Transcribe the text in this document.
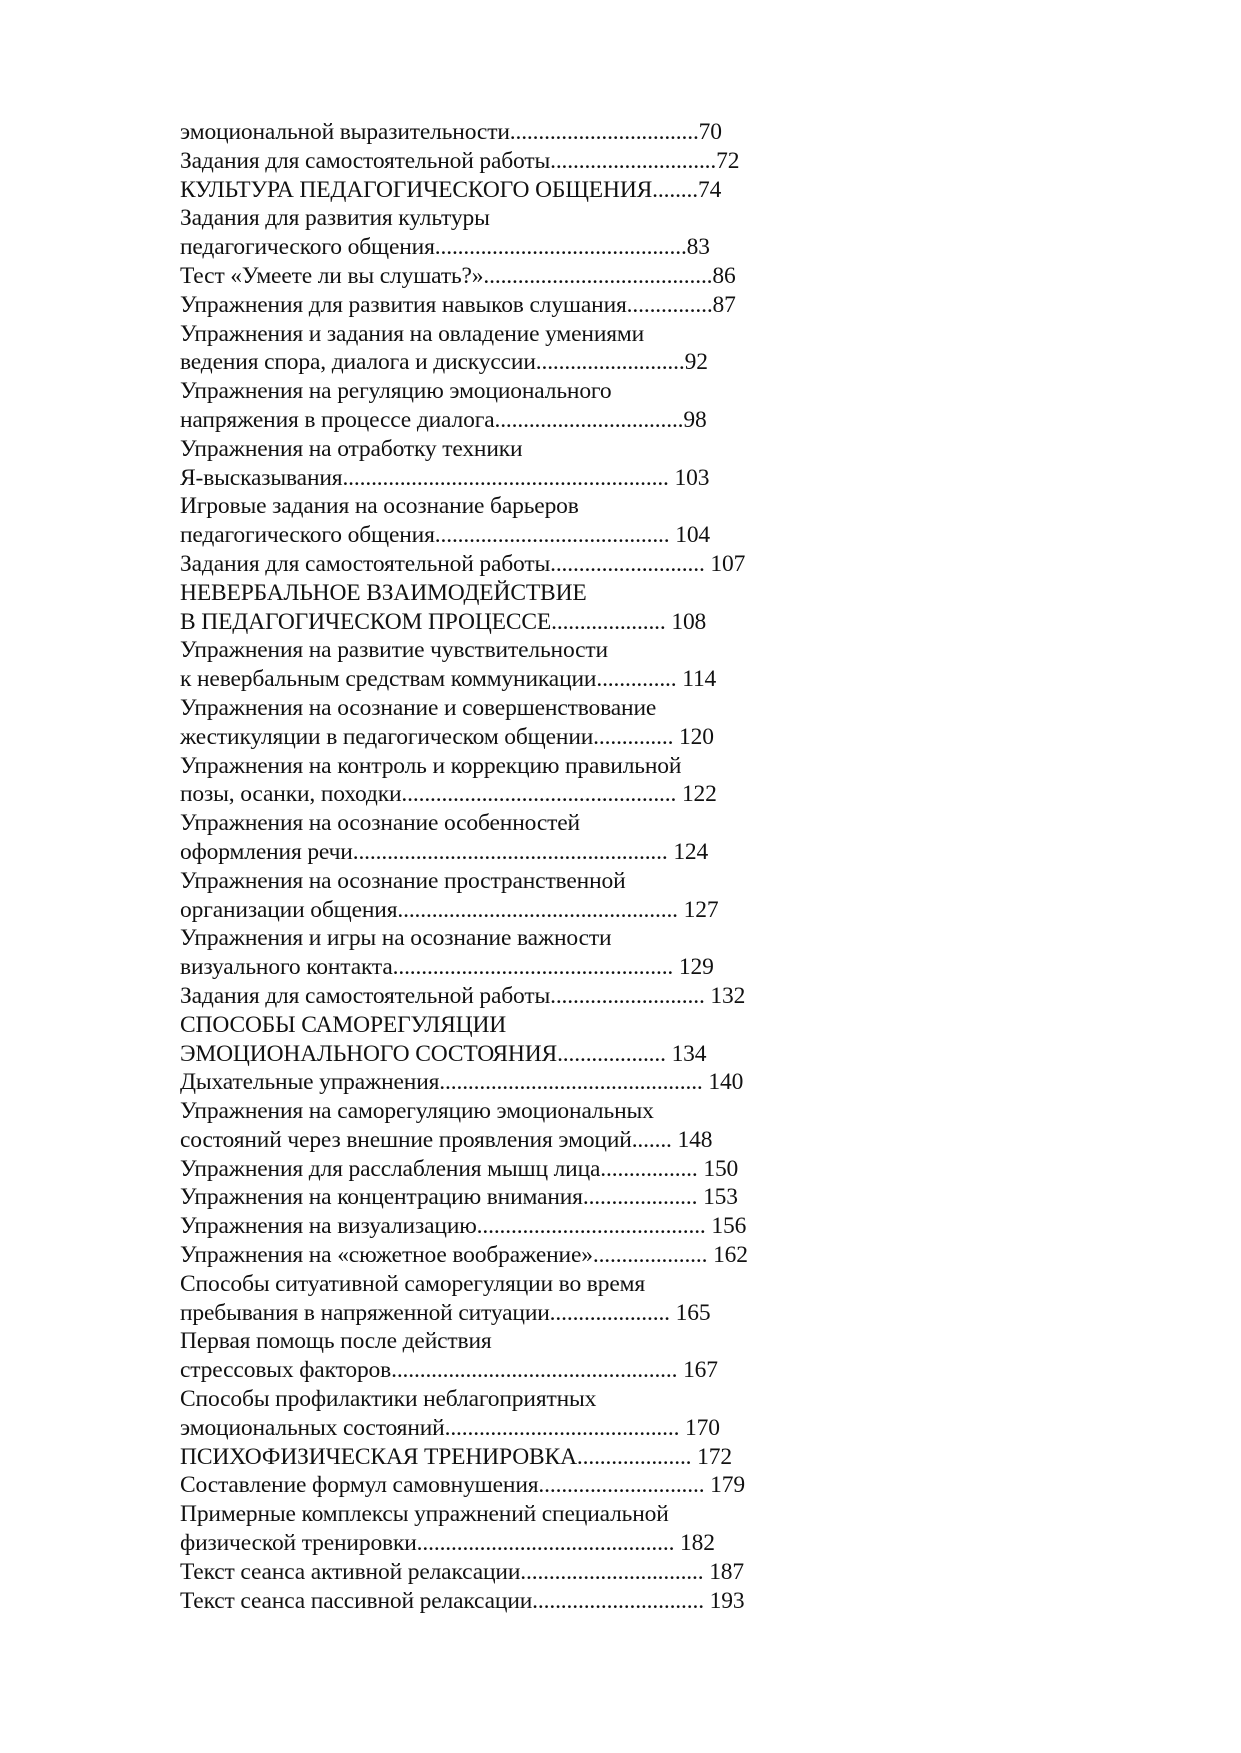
эмоциональной выразительности.................................70
Задания для самостоятельной работы.............................72
КУЛЬТУРА ПЕДАГОГИЧЕСКОГО ОБЩЕНИЯ........74
Задания для развития культуры
педагогического общения............................................83
Тест «Умеете ли вы слушать?»........................................86
Упражнения для развития навыков слушания...............87
Упражнения и задания на овладение умениями
ведения спора, диалога и дискуссии..........................92
Упражнения на регуляцию эмоционального
напряжения в процессе диалога.................................98
Упражнения на отработку техники
Я-высказывания......................................................... 103
Игровые задания на осознание барьеров
педагогического общения......................................... 104
Задания для самостоятельной работы........................... 107
НЕВЕРБАЛЬНОЕ ВЗАИМОДЕЙСТВИЕ
В ПЕДАГОГИЧЕСКОМ ПРОЦЕССЕ.................... 108
Упражнения на развитие чувствительности
к невербальным средствам коммуникации.............. 114
Упражнения на осознание и совершенствование
жестикуляции в педагогическом общении.............. 120
Упражнения на контроль и коррекцию правильной
позы, осанки, походки................................................ 122
Упражнения на осознание особенностей
оформления речи....................................................... 124
Упражнения на осознание пространственной
организации общения................................................. 127
Упражнения и игры на осознание важности
визуального контакта................................................. 129
Задания для самостоятельной работы........................... 132
СПОСОБЫ САМОРЕГУЛЯЦИИ
ЭМОЦИОНАЛЬНОГО СОСТОЯНИЯ................... 134
Дыхательные упражнения.............................................. 140
Упражнения на саморегуляцию эмоциональных
состояний через внешние проявления эмоций....... 148
Упражнения для расслабления мышц лица................. 150
Упражнения на концентрацию внимания.................... 153
Упражнения на визуализацию........................................ 156
Упражнения на «сюжетное воображение».................... 162
Способы ситуативной саморегуляции во время
пребывания в напряженной ситуации..................... 165
Первая помощь после действия
стрессовых факторов.................................................. 167
Способы профилактики неблагоприятных
эмоциональных состояний......................................... 170
ПСИХОФИЗИЧЕСКАЯ ТРЕНИРОВКА.................... 172
Составление формул самовнушения............................. 179
Примерные комплексы упражнений специальной
физической тренировки............................................. 182
Текст сеанса активной релаксации................................ 187
Текст сеанса пассивной релаксации.............................. 193
